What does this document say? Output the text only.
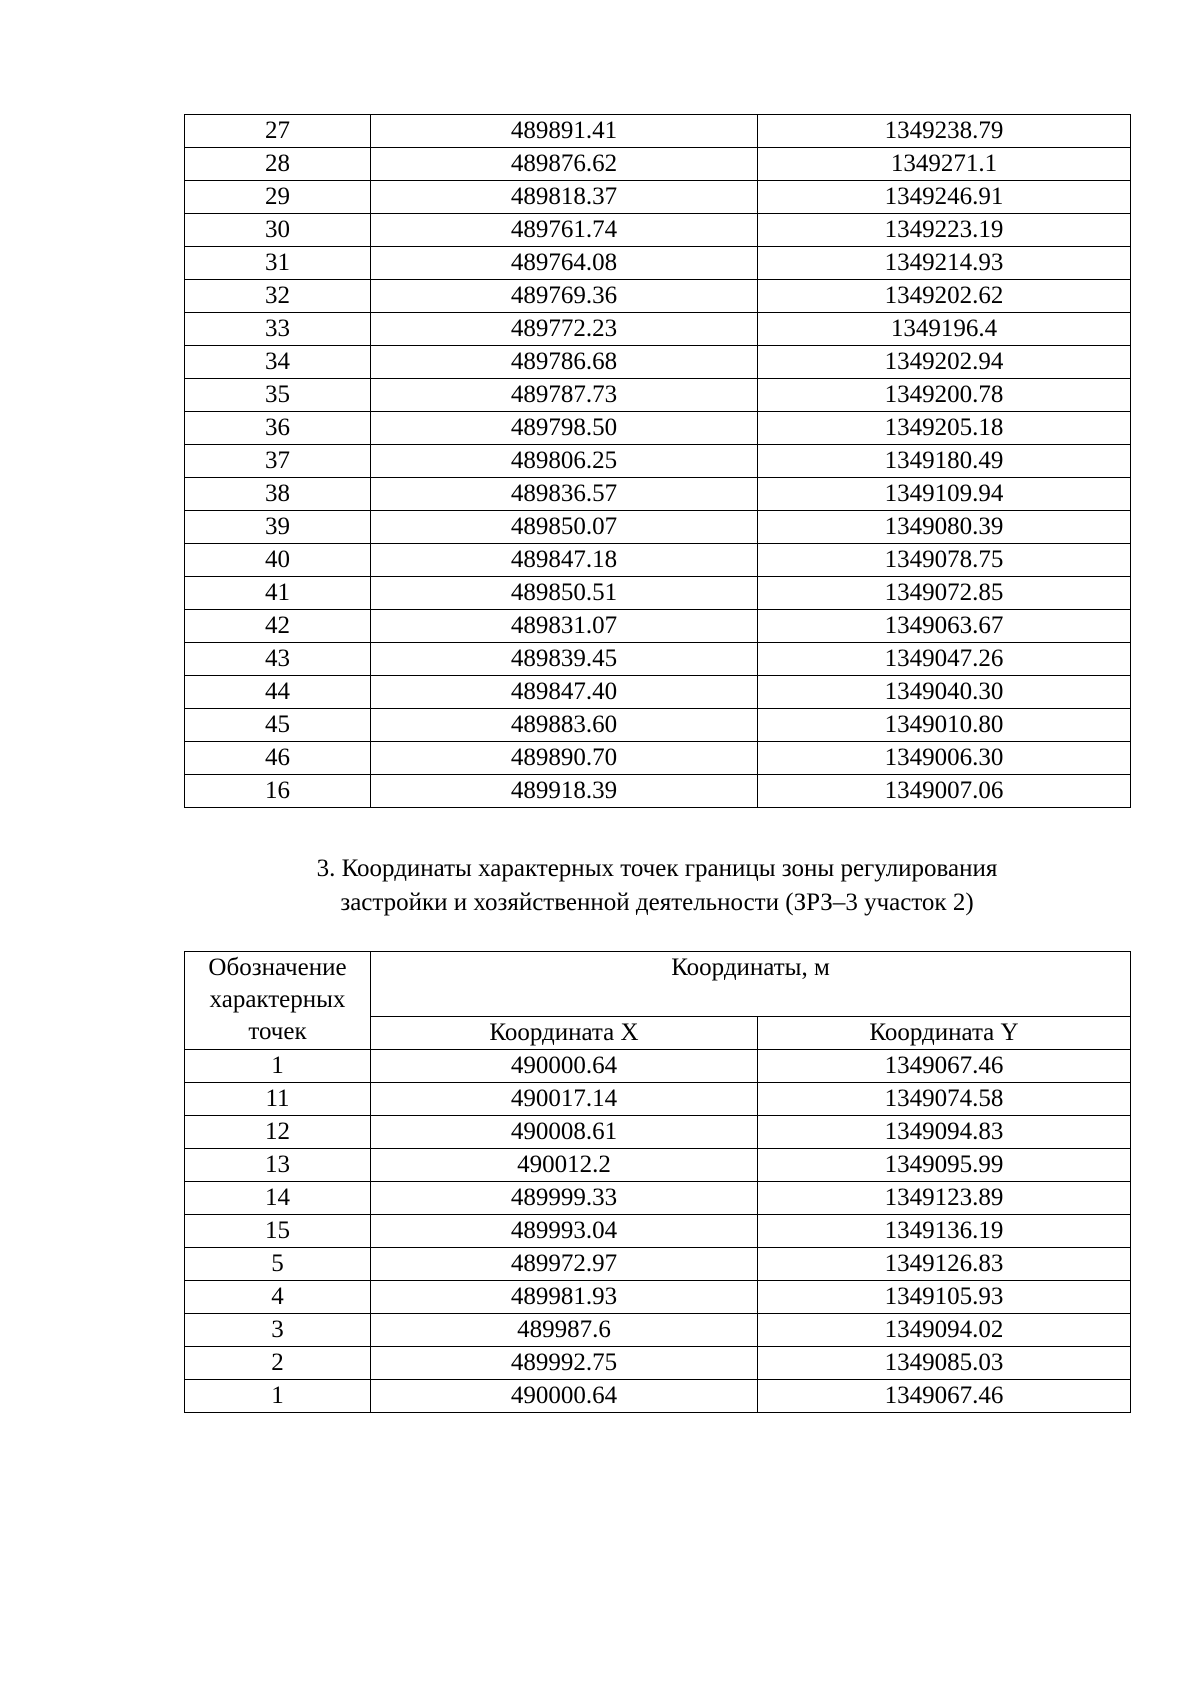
27	489891.41	1349238.79
28	489876.62	1349271.1
29	489818.37	1349246.91
30	489761.74	1349223.19
31	489764.08	1349214.93
32	489769.36	1349202.62
33	489772.23	1349196.4
34	489786.68	1349202.94
35	489787.73	1349200.78
36	489798.50	1349205.18
37	489806.25	1349180.49
38	489836.57	1349109.94
39	489850.07	1349080.39
40	489847.18	1349078.75
41	489850.51	1349072.85
42	489831.07	1349063.67
43	489839.45	1349047.26
44	489847.40	1349040.30
45	489883.60	1349010.80
46	489890.70	1349006.30
16	489918.39	1349007.06
3. Координаты характерных точек границы зоны регулирования
застройки и хозяйственной деятельности (ЗРЗ–3 участок 2)
Обозначение
характерных
точек	Координаты, м	
	Координата X	Координата Y
1	490000.64	1349067.46
11	490017.14	1349074.58
12	490008.61	1349094.83
13	490012.2	1349095.99
14	489999.33	1349123.89
15	489993.04	1349136.19
5	489972.97	1349126.83
4	489981.93	1349105.93
3	489987.6	1349094.02
2	489992.75	1349085.03
1	490000.64	1349067.46
